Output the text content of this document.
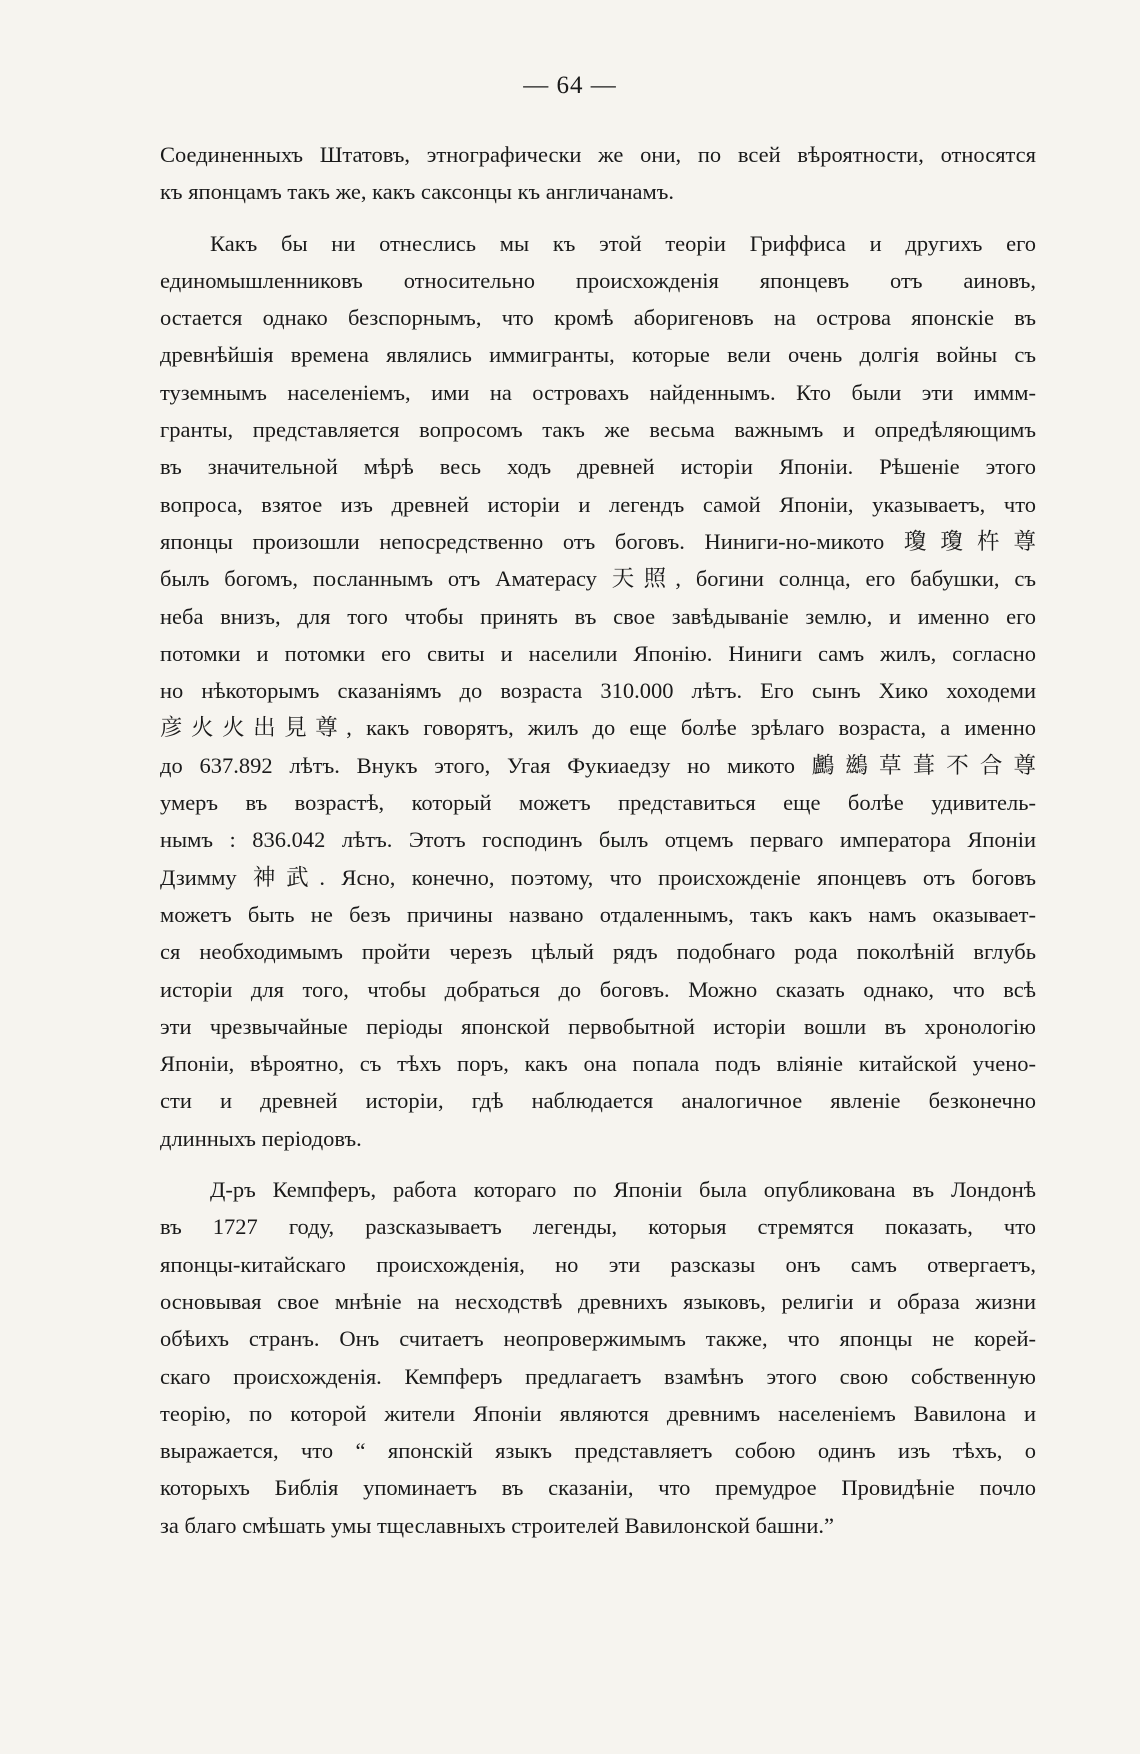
— 64 —
Соединенныхъ Штатовъ, этнографически же они, по всей вѣроятности, относятся
къ японцамъ такъ же, какъ саксонцы къ англичанамъ.
Какъ бы ни отнеслись мы къ этой теоріи Гриффиса и другихъ его
единомышленниковъ относительно происхожденія японцевъ отъ аиновъ,
остается однако безспорнымъ, что кромѣ аборигеновъ на острова японскіе въ
древнѣйшія времена являлись иммигранты, которые вели очень долгія войны съ
туземнымъ населеніемъ, ими на островахъ найденнымъ. Кто были эти иммм-
гранты, представляется вопросомъ такъ же весьма важнымъ и опредѣляющимъ
въ значительной мѣрѣ весь ходъ древней исторіи Японіи. Рѣшеніе этого
вопроса, взятое изъ древней исторіи и легендъ самой Японіи, указываетъ, что
японцы произошли непосредственно отъ боговъ. Ниниги-но-микото 瓊瓊杵尊
былъ богомъ, посланнымъ отъ Аматерасу 天照, богини солнца, его бабушки, съ
неба внизъ, для того чтобы принять въ свое завѣдываніе землю, и именно его
потомки и потомки его свиты и населили Японію. Ниниги самъ жилъ, согласно
но нѣкоторымъ сказаніямъ до возраста 310.000 лѣтъ. Его сынъ Хико хоходеми
彦火火出見尊, какъ говорятъ, жилъ до еще болѣе зрѣлаго возраста, а именно
до 637.892 лѣтъ. Внукъ этого, Угая Фукиаедзу но микото 鸕鷀草葺不合尊
умеръ въ возрастѣ, который можетъ представиться еще болѣе удивитель-
нымъ : 836.042 лѣтъ. Этотъ господинъ былъ отцемъ перваго императора Японіи
Дзимму 神武. Ясно, конечно, поэтому, что происхожденіе японцевъ отъ боговъ
можетъ быть не безъ причины названо отдаленнымъ, такъ какъ намъ оказывает-
ся необходимымъ пройти черезъ цѣлый рядъ подобнаго рода поколѣній вглубь
исторіи для того, чтобы добраться до боговъ. Можно сказать однако, что всѣ
эти чрезвычайные періоды японской первобытной исторіи вошли въ хронологію
Японіи, вѣроятно, съ тѣхъ поръ, какъ она попала подъ вліяніе китайской учено-
сти и древней исторіи, гдѣ наблюдается аналогичное явленіе безконечно
длинныхъ періодовъ.
Д-ръ Кемпферъ, работа котораго по Японіи была опубликована въ Лондонѣ
въ 1727 году, разсказываетъ легенды, которыя стремятся показать, что
японцы-китайскаго происхожденія, но эти разсказы онъ самъ отвергаетъ,
основывая свое мнѣніе на несходствѣ древнихъ языковъ, религіи и образа жизни
обѣихъ странъ. Онъ считаетъ неопровержимымъ также, что японцы не корей-
скаго происхожденія. Кемпферъ предлагаетъ взамѣнъ этого свою собственную
теорію, по которой жители Японіи являются древнимъ населеніемъ Вавилона и
выражается, что “ японскій языкъ представляетъ собою одинъ изъ тѣхъ, о
которыхъ Библія упоминаетъ въ сказаніи, что премудрое Провидѣніе почло
за благо смѣшать умы тщеславныхъ строителей Вавилонской башни.”
